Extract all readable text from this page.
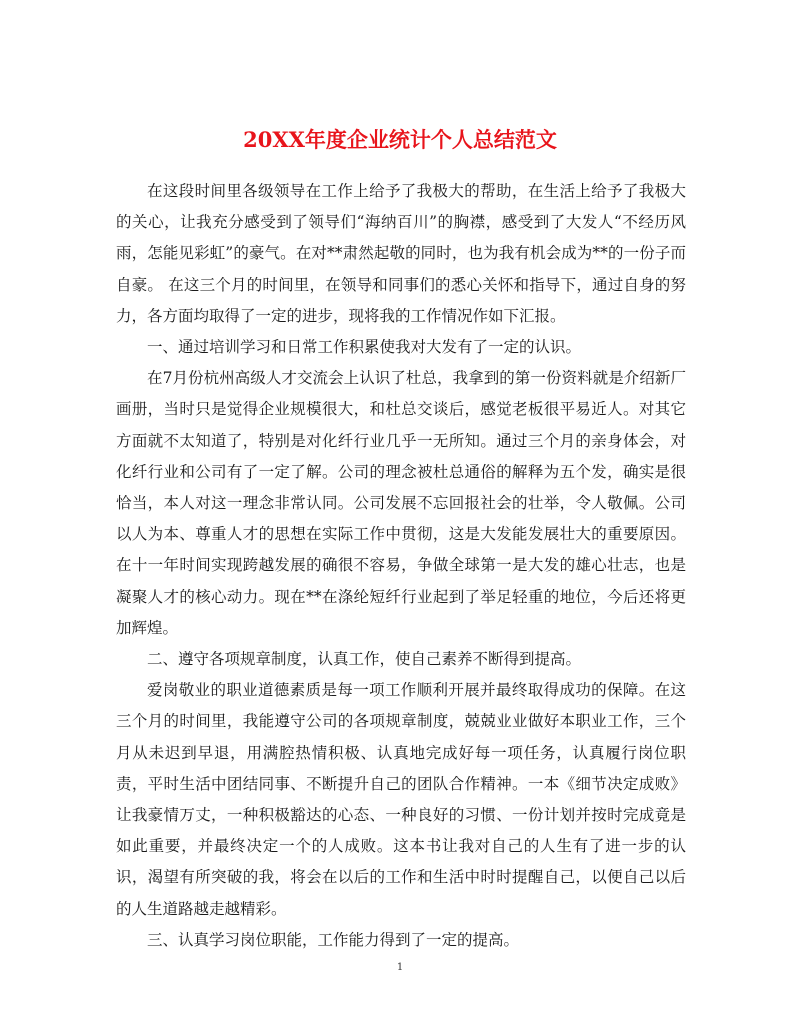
20XX年度企业统计个人总结范文

在这段时间里各级领导在工作上给予了我极大的帮助，在生活上给予了我极大的关心，让我充分感受到了领导们“海纳百川”的胸襟，感受到了大发人“不经历风雨，怎能见彩虹”的豪气。在对**肃然起敬的同时，也为我有机会成为**的一份子而自豪。 在这三个月的时间里，在领导和同事们的悉心关怀和指导下，通过自身的努力，各方面均取得了一定的进步，现将我的工作情况作如下汇报。

一、通过培训学习和日常工作积累使我对大发有了一定的认识。

在7月份杭州高级人才交流会上认识了杜总，我拿到的第一份资料就是介绍新厂画册，当时只是觉得企业规模很大，和杜总交谈后，感觉老板很平易近人。对其它方面就不太知道了，特别是对化纤行业几乎一无所知。通过三个月的亲身体会，对化纤行业和公司有了一定了解。公司的理念被杜总通俗的解释为五个发，确实是很恰当，本人对这一理念非常认同。公司发展不忘回报社会的壮举，令人敬佩。公司以人为本、尊重人才的思想在实际工作中贯彻，这是大发能发展壮大的重要原因。在十一年时间实现跨越发展的确很不容易，争做全球第一是大发的雄心壮志，也是凝聚人才的核心动力。现在**在涤纶短纤行业起到了举足轻重的地位，今后还将更加辉煌。

二、遵守各项规章制度，认真工作，使自己素养不断得到提高。

爱岗敬业的职业道德素质是每一项工作顺利开展并最终取得成功的保障。在这三个月的时间里，我能遵守公司的各项规章制度，兢兢业业做好本职业工作，三个月从未迟到早退，用满腔热情积极、认真地完成好每一项任务，认真履行岗位职责，平时生活中团结同事、不断提升自己的团队合作精神。一本《细节决定成败》让我豪情万丈，一种积极豁达的心态、一种良好的习惯、一份计划并按时完成竟是如此重要，并最终决定一个的人成败。这本书让我对自己的人生有了进一步的认识，渴望有所突破的我，将会在以后的工作和生活中时时提醒自己，以便自己以后的人生道路越走越精彩。

三、认真学习岗位职能，工作能力得到了一定的提高。

1
